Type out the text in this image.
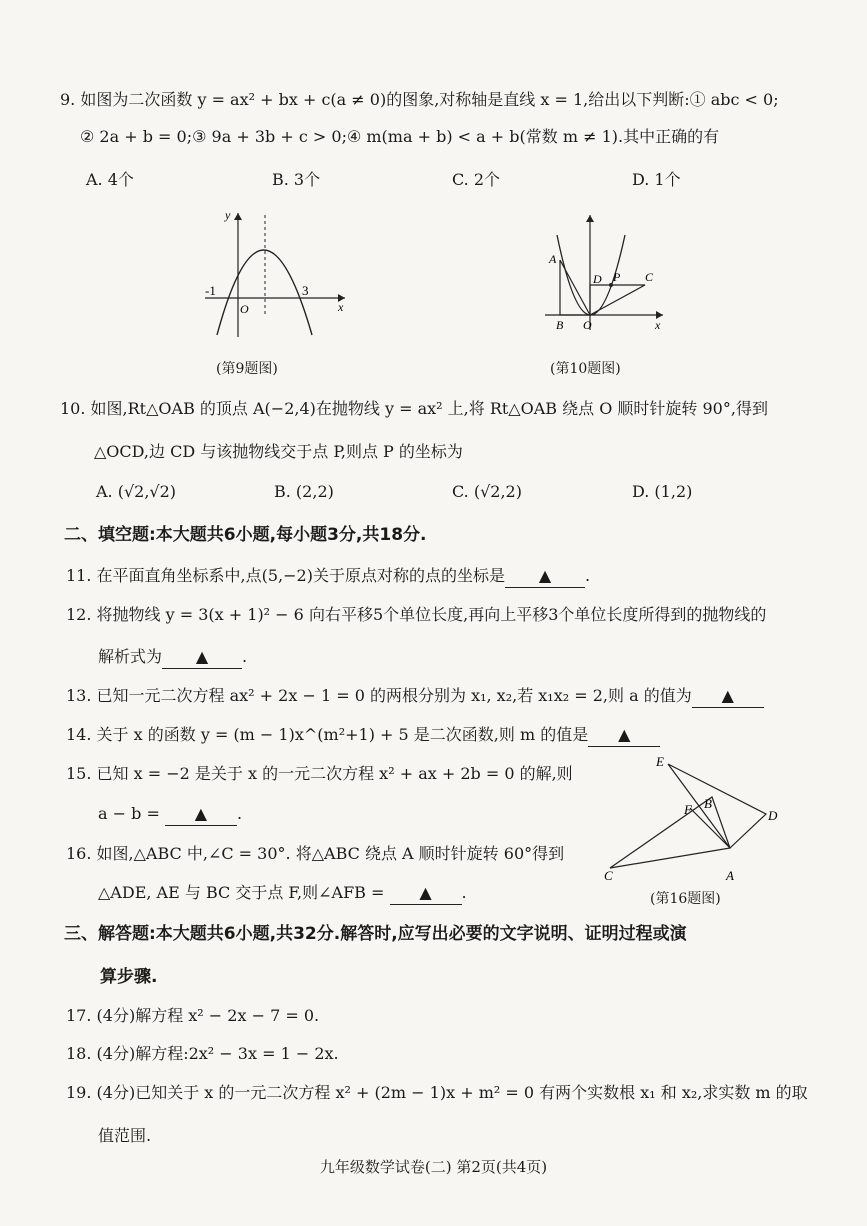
9. 如图为二次函数 y = ax² + bx + c(a ≠ 0)的图象,对称轴是直线 x = 1,给出以下判断:① abc < 0;
② 2a + b = 0;③ 9a + 3b + c > 0;④ m(ma + b) < a + b(常数 m ≠ 1).其中正确的有
A. 4个	B. 3个	C. 2个	D. 1个
y
x
O
-1	3
(第9题图)
A
B O
D P C
x
(第10题图)
10. 如图,Rt△OAB 的顶点 A(−2,4)在抛物线 y = ax² 上,将 Rt△OAB 绕点 O 顺时针旋转 90°,得到
△OCD,边 CD 与该抛物线交于点 P,则点 P 的坐标为
A. (√2,√2)	B. (2,2)	C. (√2,2)	D. (1,2)
二、填空题:本大题共6小题,每小题3分,共18分.
11. 在平面直角坐标系中,点(5,−2)关于原点对称的点的坐标是 ▲ .
12. 将抛物线 y = 3(x + 1)² − 6 向右平移5个单位长度,再向上平移3个单位长度所得到的抛物线的
解析式为 ▲ .
13. 已知一元二次方程 ax² + 2x − 1 = 0 的两根分别为 x₁, x₂,若 x₁x₂ = 2,则 a 的值为 ▲
14. 关于 x 的函数 y = (m − 1)x^(m²+1) + 5 是二次函数,则 m 的值是 ▲
15. 已知 x = −2 是关于 x 的一元二次方程 x² + ax + 2b = 0 的解,则
a − b = ▲ .
16. 如图,△ABC 中,∠C = 30°. 将△ABC 绕点 A 顺时针旋转 60°得到
△ADE, AE 与 BC 交于点 F,则∠AFB = ▲ .
E
B
F	D
C	A
(第16题图)
三、解答题:本大题共6小题,共32分.解答时,应写出必要的文字说明、证明过程或演
算步骤.
17. (4分)解方程 x² − 2x − 7 = 0.
18. (4分)解方程:2x² − 3x = 1 − 2x.
19. (4分)已知关于 x 的一元二次方程 x² + (2m − 1)x + m² = 0 有两个实数根 x₁ 和 x₂,求实数 m 的取
值范围.
九年级数学试卷(二) 第2页(共4页)
